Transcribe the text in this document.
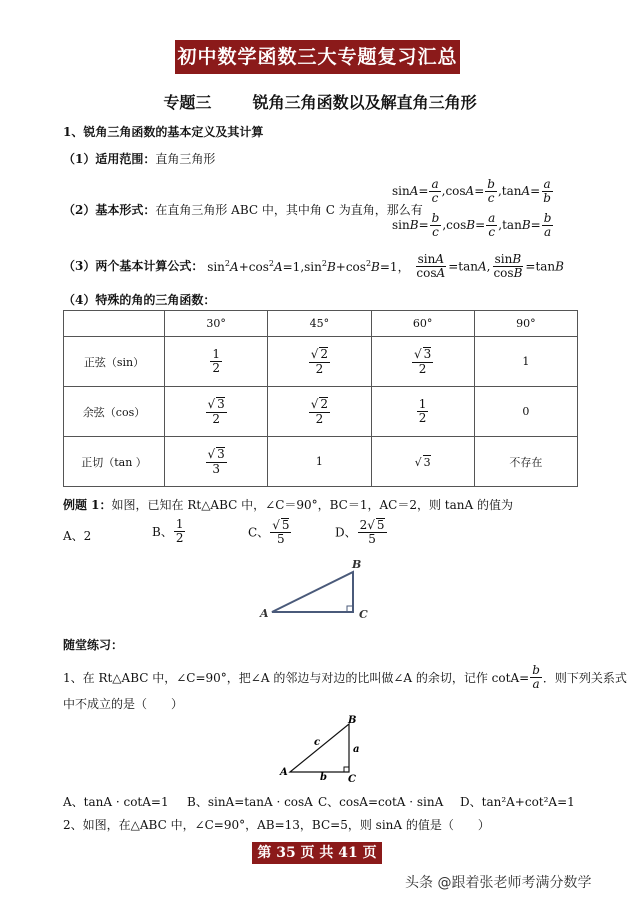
初中数学函数三大专题复习汇总
专题三	锐角三角函数以及解直角三角形
1、锐角三角函数的基本定义及其计算
（1）适用范围：直角三角形
（2）基本形式：在直角三角形 ABC 中，其中角 C 为直角，那么有
$\sin A= \frac{a}{c} ,\cos A= \frac{b}{c} ,\tan A= \frac{a}{b}$
$\sin B= \frac{b}{c} ,\cos B= \frac{a}{c} ,\tan B= \frac{b}{a}$
（3）两个基本计算公式： $\sin^2A+\cos^2A=1,\sin^2B+\cos^2B=1$， $\frac{\sin A}{\cos A} =\tan A$, $\frac{\sin B}{\cos B} =\tan B$
（4）特殊的角的三角函数：
	30°	45°	60°	90°
正弦（sin）	$\frac{1}{2}$	$\frac{√ 2}{2}$	$\frac{√ 3}{2}$	1
余弦（cos）	$\frac{√ 3}{2}$	$\frac{√ 2}{2}$	$\frac{1}{2}$	0
正切（tan ）	$\frac{√ 3}{3}$	1	√ 3	不存在
例题 1：如图，已知在 Rt△ABC 中，∠C＝90°，BC＝1，AC＝2，则 tanA 的值为
A、2	B、 $\frac{1}{2}$	C、 $\frac{√ 5}{5}$	D、 $\frac{2√ 5}{5}$
A
B
C
随堂练习：
1、在 Rt△ABC 中，∠C=90°，把∠A 的邻边与对边的比叫做∠A 的余切，记作 $\cot A= \frac{b}{a}$ ．则下列关系式
中不成立的是（　　）
A
B
C
a
b
c
A、tanA · cotA=1 B、sinA=tanA · cosA C、cosA=cotA · sinA D、tan²A+cot²A=1
2、如图，在△ABC 中，∠C=90°，AB=13，BC=5，则 sinA 的值是（　　）
第 35 页 共 41 页
头条 @跟着张老师考满分数学
